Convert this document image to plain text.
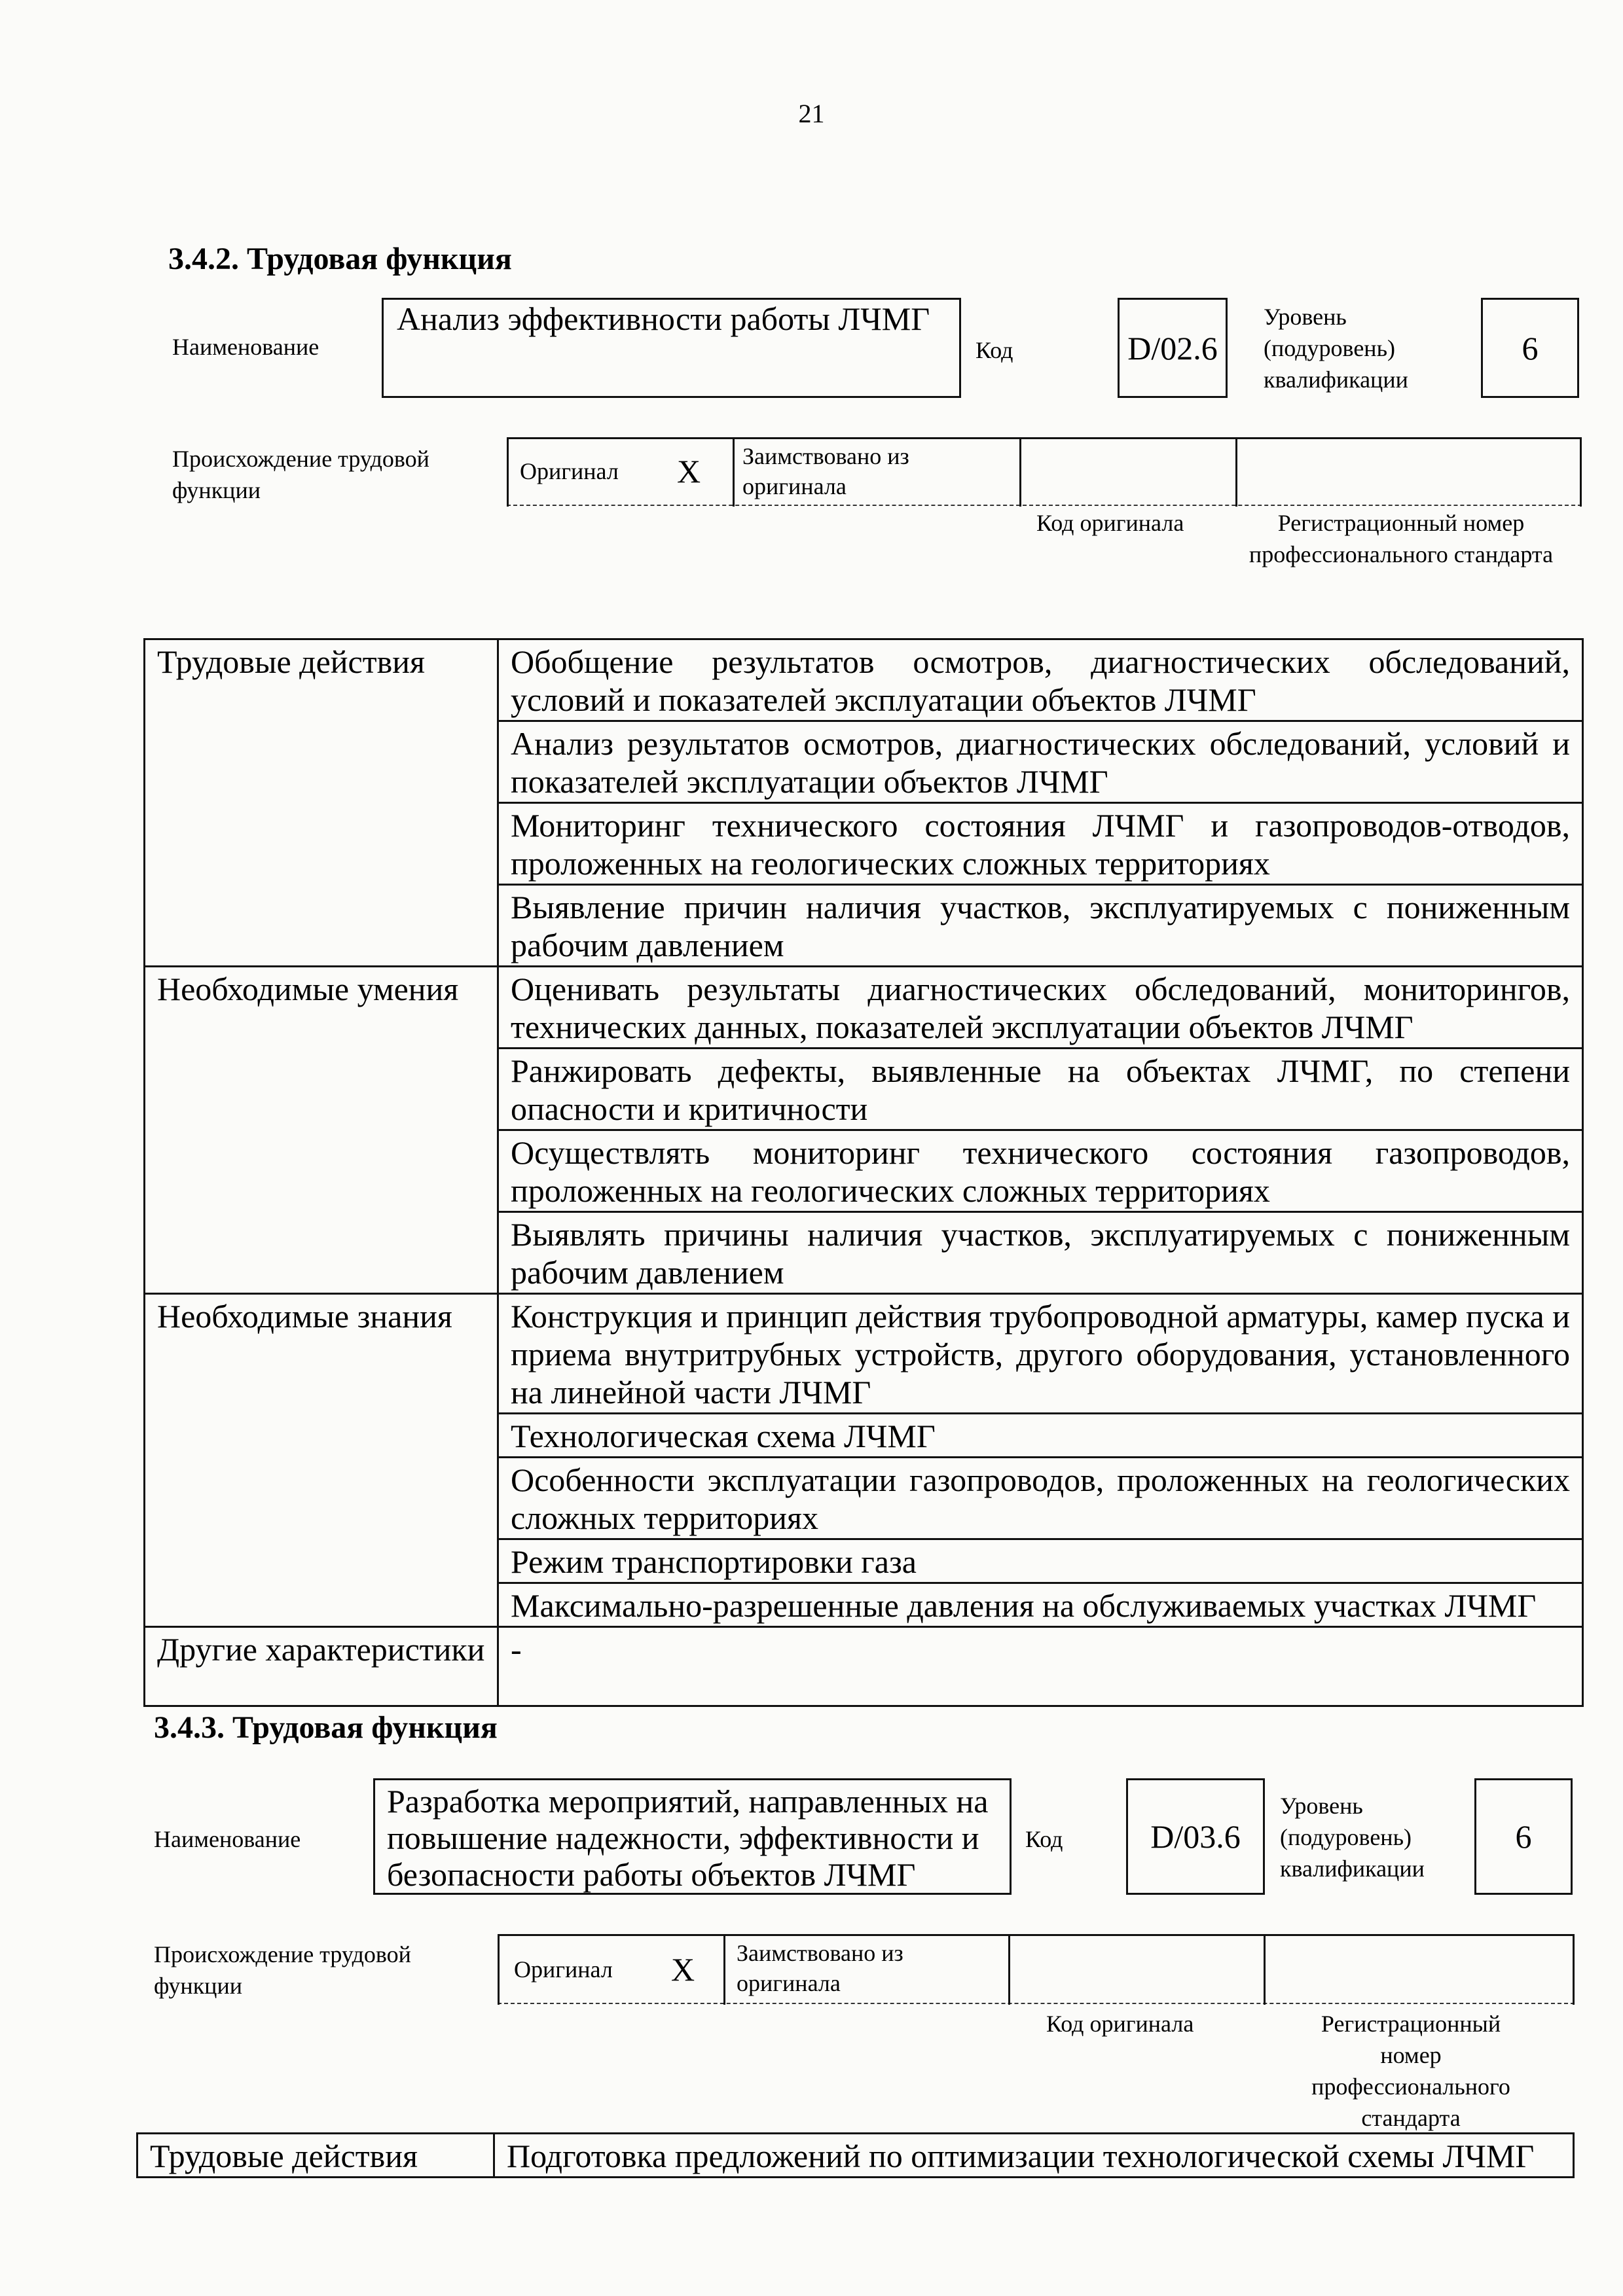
21
3.4.2. Трудовая функция
Наименование
Анализ эффективности работы ЛЧМГ
Код	D/02.6
Уровень (подуровень) квалификации
6
Происхождение трудовой функции
Оригинал X Заимствовано из оригинала
Код оригинала	Регистрационный номер профессионального стандарта
Трудовые действия	Обобщение результатов осмотров, диагностических обследований, условий и показателей эксплуатации объектов ЛЧМГ
	Анализ результатов осмотров, диагностических обследований, условий и показателей эксплуатации объектов ЛЧМГ
	Мониторинг технического состояния ЛЧМГ и газопроводов-отводов, проложенных на геологических сложных территориях
	Выявление причин наличия участков, эксплуатируемых с пониженным рабочим давлением
Необходимые умения	Оценивать результаты диагностических обследований, мониторингов, технических данных, показателей эксплуатации объектов ЛЧМГ
	Ранжировать дефекты, выявленные на объектах ЛЧМГ, по степени опасности и критичности
	Осуществлять мониторинг технического состояния газопроводов, проложенных на геологических сложных территориях
	Выявлять причины наличия участков, эксплуатируемых с пониженным рабочим давлением
Необходимые знания	Конструкция и принцип действия трубопроводной арматуры, камер пуска и приема внутритрубных устройств, другого оборудования, установленного на линейной части ЛЧМГ
	Технологическая схема ЛЧМГ
	Особенности эксплуатации газопроводов, проложенных на геологических сложных территориях
	Режим транспортировки газа
	Максимально-разрешенные давления на обслуживаемых участках ЛЧМГ
Другие характеристики	-
3.4.3. Трудовая функция
Наименование
Разработка мероприятий, направленных на повышение надежности, эффективности и безопасности работы объектов ЛЧМГ
Код	D/03.6
Уровень (подуровень) квалификации
6
Происхождение трудовой функции
Оригинал X Заимствовано из оригинала
Код оригинала	Регистрационный номер профессионального стандарта
Трудовые действия	Подготовка предложений по оптимизации технологической схемы ЛЧМГ
